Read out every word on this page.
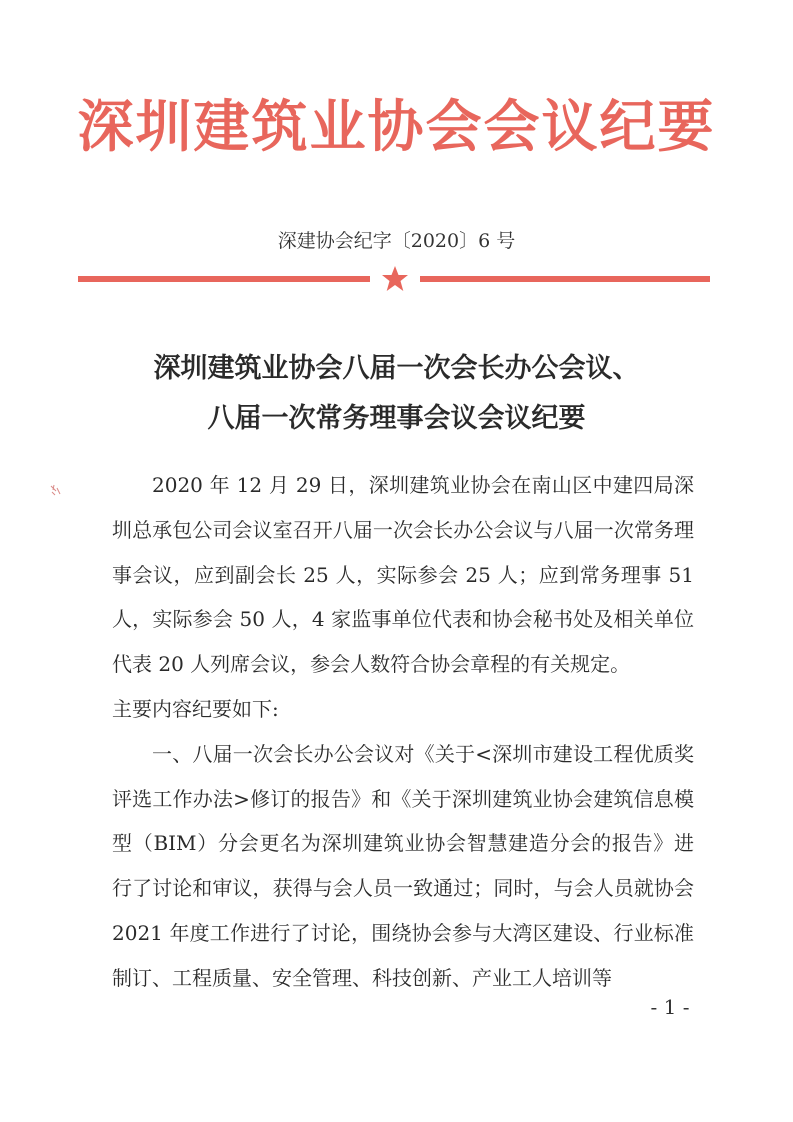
深圳建筑业协会会议纪要
深建协会纪字〔2020〕6 号
深圳建筑业协会八届一次会长办公会议、
八届一次常务理事会议会议纪要

2020 年 12 月 29 日，深圳建筑业协会在南山区中建四局深圳总承包公司会议室召开八届一次会长办公会议与八届一次常务理事会议，应到副会长 25 人，实际参会 25 人；应到常务理事 51 人，实际参会 50 人，4 家监事单位代表和协会秘书处及相关单位代表 20 人列席会议，参会人数符合协会章程的有关规定。

主要内容纪要如下:

一、八届一次会长办公会议对《关于<深圳市建设工程优质奖评选工作办法>修订的报告》和《关于深圳建筑业协会建筑信息模型（BIM）分会更名为深圳建筑业协会智慧建造分会的报告》进行了讨论和审议，获得与会人员一致通过；同时，与会人员就协会 2021 年度工作进行了讨论，围绕协会参与大湾区建设、行业标准制订、工程质量、安全管理、科技创新、产业工人培训等

- 1 -
